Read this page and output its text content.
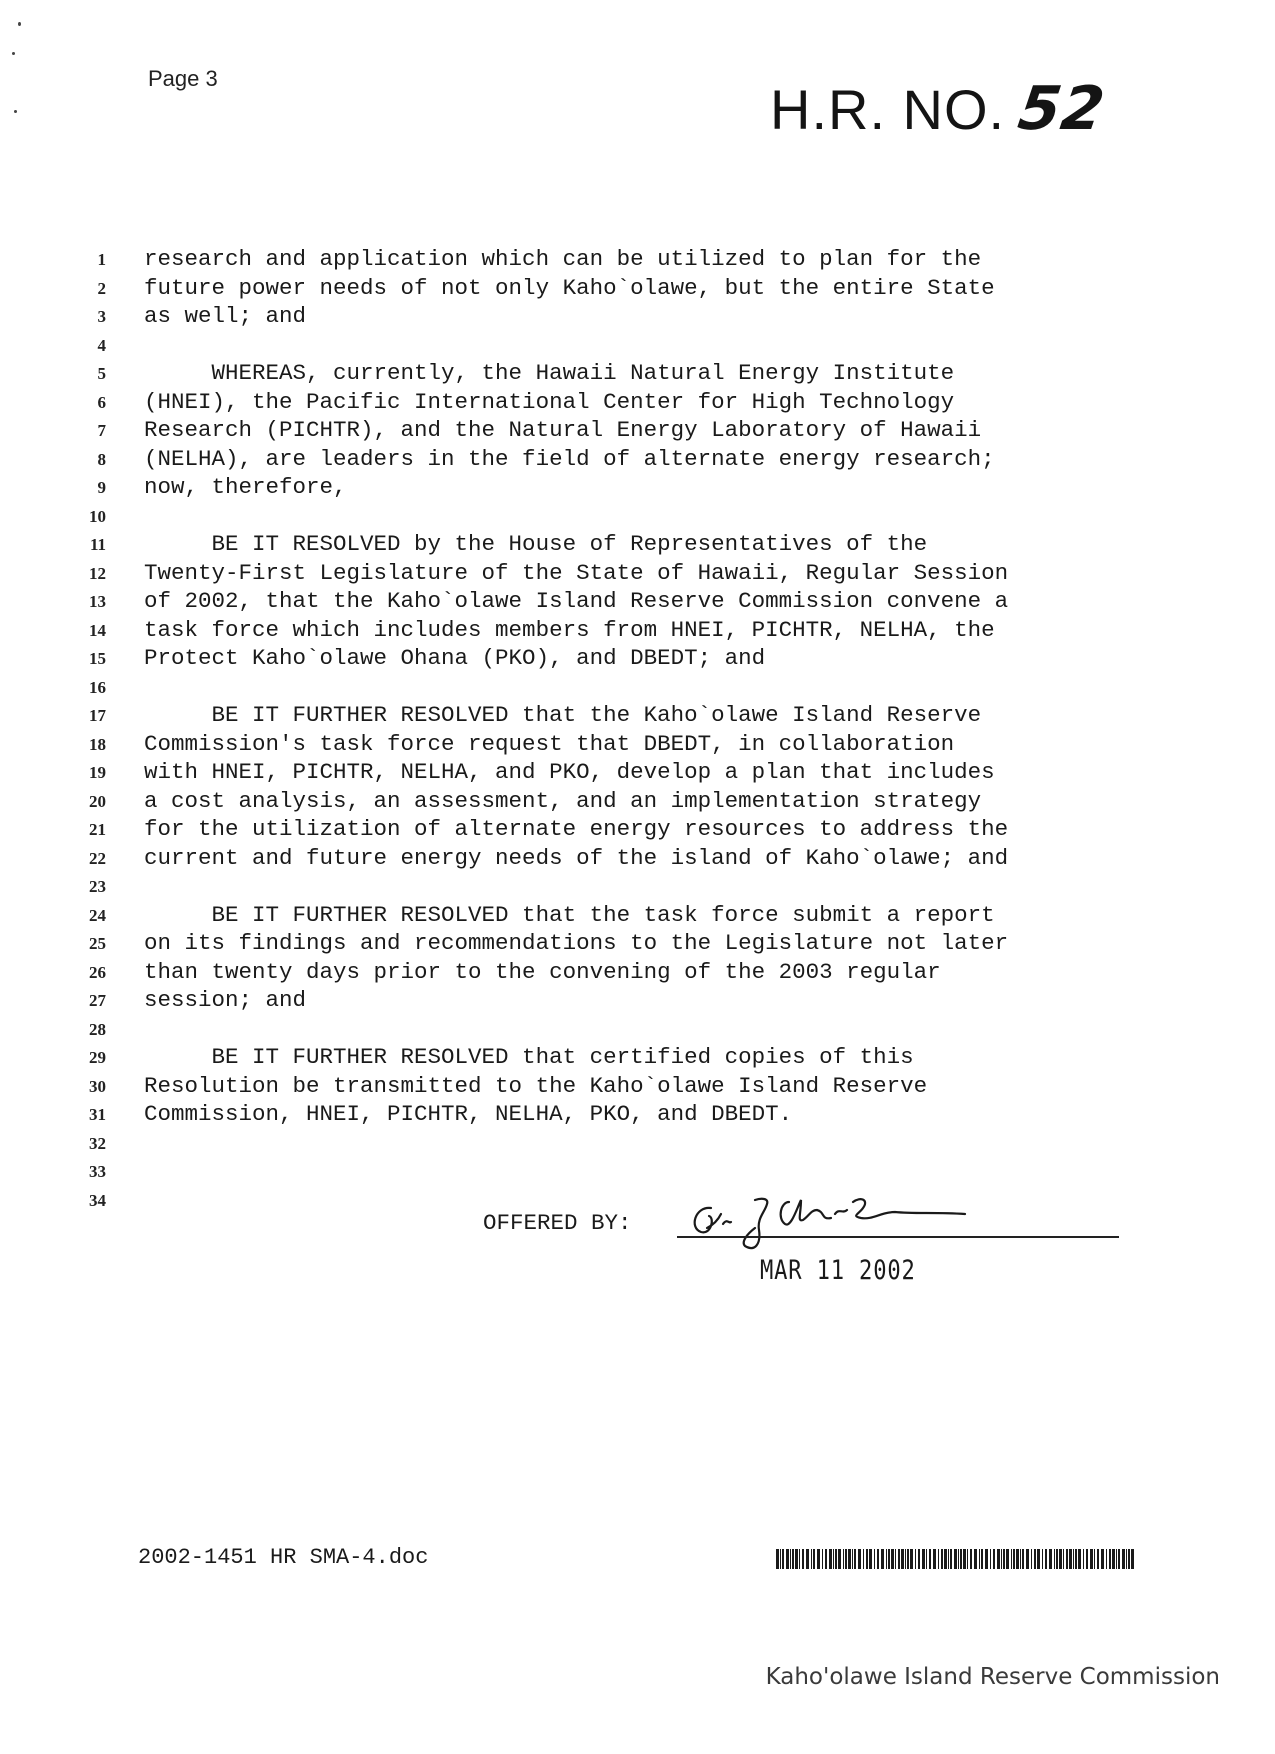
Page 3	H.R. NO. 52
1 research and application which can be utilized to plan for the
2 future power needs of not only Kaho`olawe, but the entire State
3 as well; and
4
5 WHEREAS, currently, the Hawaii Natural Energy Institute
6 (HNEI), the Pacific International Center for High Technology
7 Research (PICHTR), and the Natural Energy Laboratory of Hawaii
8 (NELHA), are leaders in the field of alternate energy research;
9 now, therefore,
10
11 BE IT RESOLVED by the House of Representatives of the
12 Twenty-First Legislature of the State of Hawaii, Regular Session
13 of 2002, that the Kaho`olawe Island Reserve Commission convene a
14 task force which includes members from HNEI, PICHTR, NELHA, the
15 Protect Kaho`olawe Ohana (PKO), and DBEDT; and
16
17 BE IT FURTHER RESOLVED that the Kaho`olawe Island Reserve
18 Commission's task force request that DBEDT, in collaboration
19 with HNEI, PICHTR, NELHA, and PKO, develop a plan that includes
20 a cost analysis, an assessment, and an implementation strategy
21 for the utilization of alternate energy resources to address the
22 current and future energy needs of the island of Kaho`olawe; and
23
24 BE IT FURTHER RESOLVED that the task force submit a report
25 on its findings and recommendations to the Legislature not later
26 than twenty days prior to the convening of the 2003 regular
27 session; and
28
29 BE IT FURTHER RESOLVED that certified copies of this
30 Resolution be transmitted to the Kaho`olawe Island Reserve
31 Commission, HNEI, PICHTR, NELHA, PKO, and DBEDT.
32
33
34
OFFERED BY:
MAR 11 2002
2002-1451 HR SMA-4.doc
Kaho'olawe Island Reserve Commission
